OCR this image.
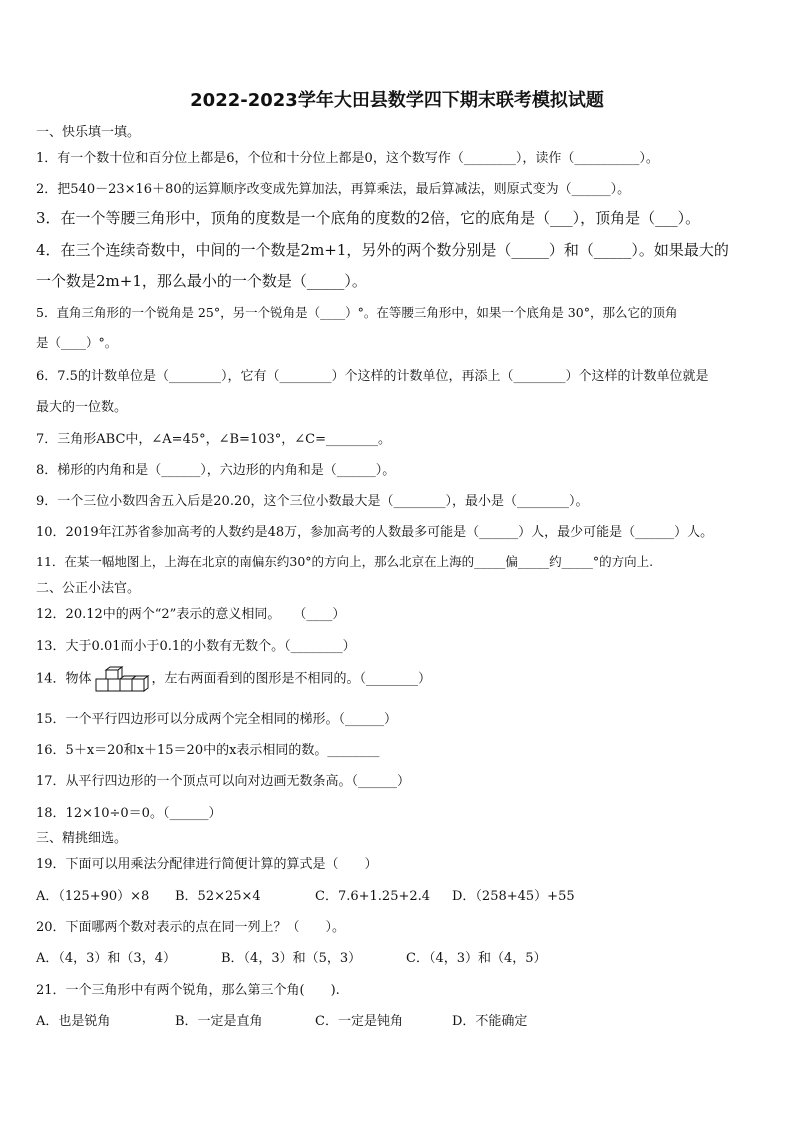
2022-2023学年大田县数学四下期末联考模拟试题
一、快乐填一填。
1．有一个数十位和百分位上都是6，个位和十分位上都是0，这个数写作（________），读作（__________）。
2．把540－23×16＋80的运算顺序改变成先算加法，再算乘法，最后算减法，则原式变为（______）。
3．在一个等腰三角形中，顶角的度数是一个底角的度数的2倍，它的底角是（___），顶角是（___）。
4．在三个连续奇数中，中间的一个数是2m+1，另外的两个数分别是（_____）和（_____）。如果最大的
一个数是2m+1，那么最小的一个数是（_____）。
5．直角三角形的一个锐角是 25°，另一个锐角是（____）°。在等腰三角形中，如果一个底角是 30°，那么它的顶角
是（____）°。
6．7.5的计数单位是（________），它有（________）个这样的计数单位，再添上（________）个这样的计数单位就是
最大的一位数。
7．三角形ABC中，∠A=45°，∠B=103°，∠C=________。
8．梯形的内角和是（______），六边形的内角和是（______）。
9．一个三位小数四舍五入后是20.20，这个三位小数最大是（________），最小是（________）。
10．2019年江苏省参加高考的人数约是48万，参加高考的人数最多可能是（______）人，最少可能是（______）人。
11．在某一幅地图上，上海在北京的南偏东约30°的方向上，那么北京在上海的_____偏_____约_____°的方向上.
二、公正小法官。
12．20.12中的两个“2”表示的意义相同。　　（____）
13．大于0.01而小于0.1的小数有无数个。（________）
14．物体	，左右两面看到的图形是不相同的。（________）
15．一个平行四边形可以分成两个完全相同的梯形。（______）
16．5＋x＝20和x＋15＝20中的x表示相同的数。________
17．从平行四边形的一个顶点可以向对边画无数条高。（______）
18．12×10÷0＝0。（______）
三、精挑细选。
19．下面可以用乘法分配律进行简便计算的算式是（　　）
A．（125+90）×8 B．52×25×4	C．7.6+1.25+2.4 D．（258+45）+55
20．下面哪两个数对表示的点在同一列上？（　　）。
A．（4，3）和（3，4）	B．（4，3）和（5，3）	C．（4，3）和（4，5）
21．一个三角形中有两个锐角，那么第三个角(　　).
A．也是锐角	B．一定是直角	C．一定是钝角	D．不能确定
